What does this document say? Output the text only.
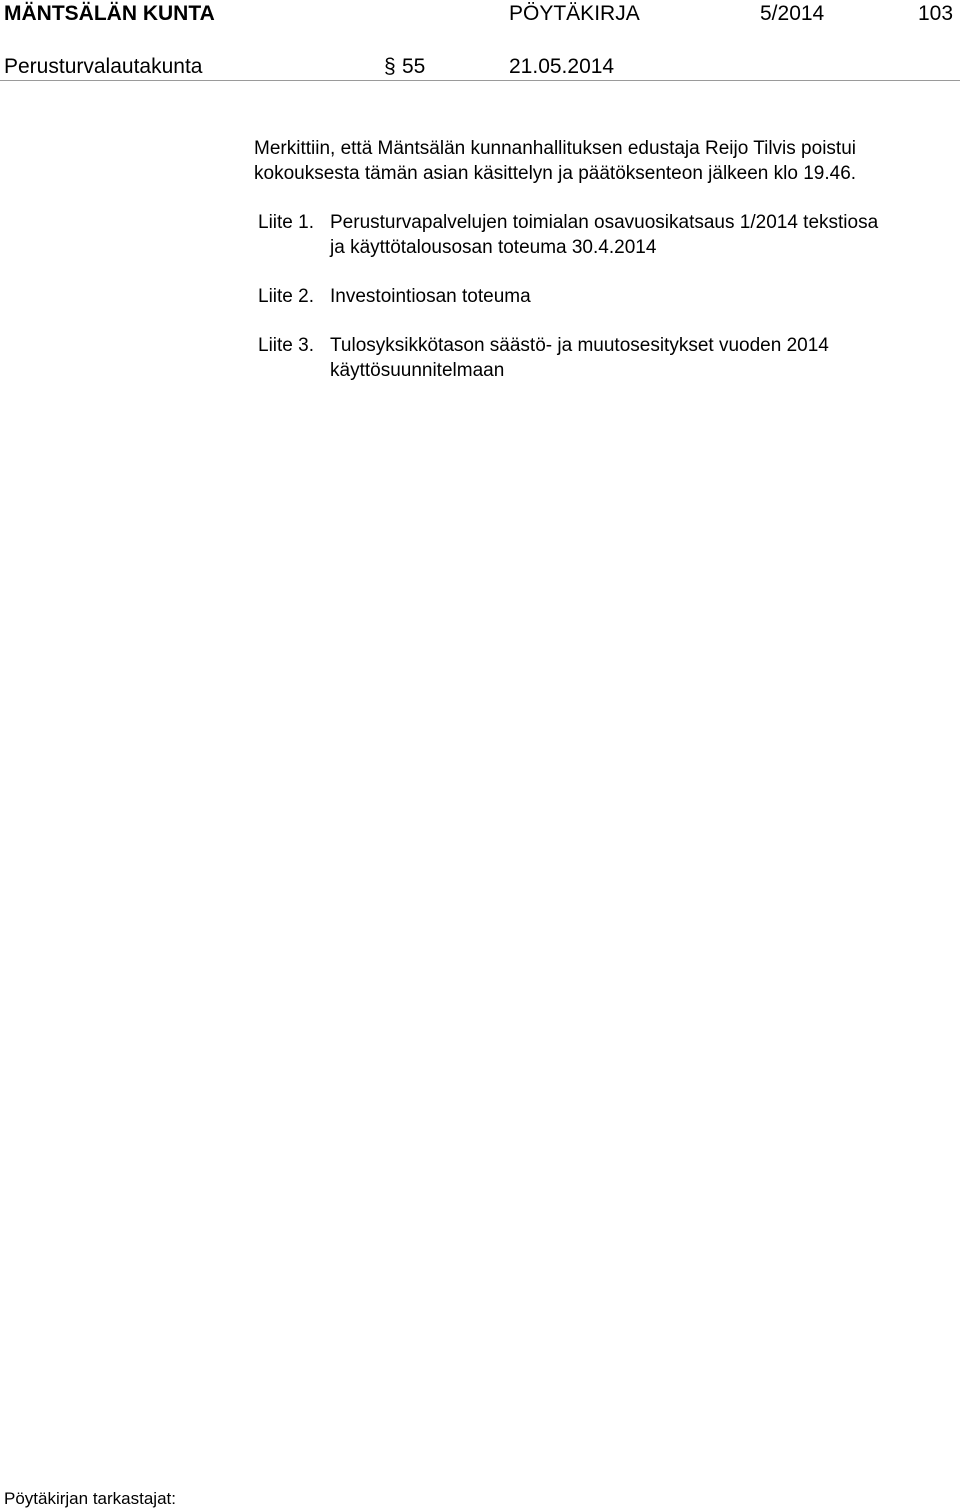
MÄNTSÄLÄN KUNTA	PÖYTÄKIRJA	5/2014	103
Perusturvalautakunta	§ 55	21.05.2014
Merkittiin, että Mäntsälän kunnanhallituksen edustaja Reijo Tilvis poistui
kokouksesta tämän asian käsittelyn ja päätöksenteon jälkeen klo 19.46.
Liite 1. Perusturvapalvelujen toimialan osavuosikatsaus 1/2014 tekstiosa
ja käyttötalousosan toteuma 30.4.2014
Liite 2. Investointiosan toteuma
Liite 3. Tulosyksikkötason säästö- ja muutosesitykset vuoden 2014
käyttösuunnitelmaan
Pöytäkirjan tarkastajat:
